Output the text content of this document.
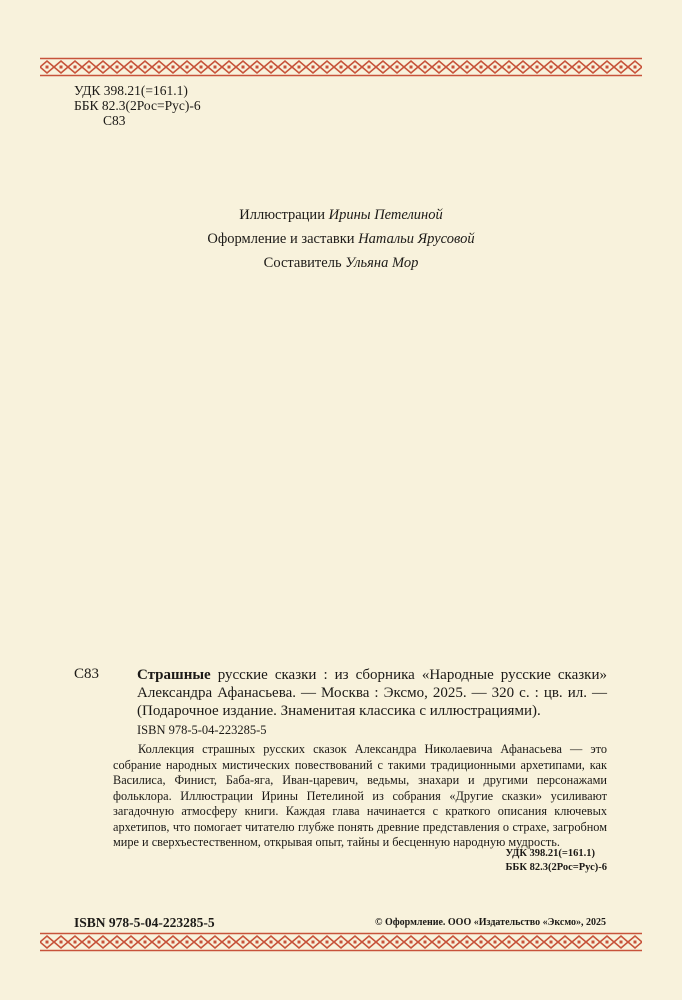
УДК 398.21(=161.1)
ББК 82.3(2Рос=Рус)-6
С83
Иллюстрации Ирины Петелиной
Оформление и заставки Натальи Ярусовой
Составитель Ульяна Мор
С83	Страшные русские сказки : из сборника «Народные русские сказки» Александра Афанасьева. — Москва : Эксмо, 2025. — 320 с. : цв. ил. — (Подарочное издание. Знаменитая классика с иллюстрациями).
ISBN 978-5-04-223285-5

Коллекция страшных русских сказок Александра Николаевича Афанасьева — это собрание народных мистических повествований с такими традиционными архетипами, как Василиса, Финист, Баба-яга, Иван-царевич, ведьмы, знахари и другими персонажами фольклора. Иллюстрации Ирины Петелиной из собрания «Другие сказки» усиливают загадочную атмосферу книги. Каждая глава начинается с краткого описания ключевых архетипов, что помогает читателю глубже понять древние представления о страхе, загробном мире и сверхъестественном, открывая опыт, тайны и бесценную народную мудрость.

УДК 398.21(=161.1)
ББК 82.3(2Рос=Рус)-6
ISBN 978-5-04-223285-5	© Оформление. ООО «Издательство «Эксмо», 2025
